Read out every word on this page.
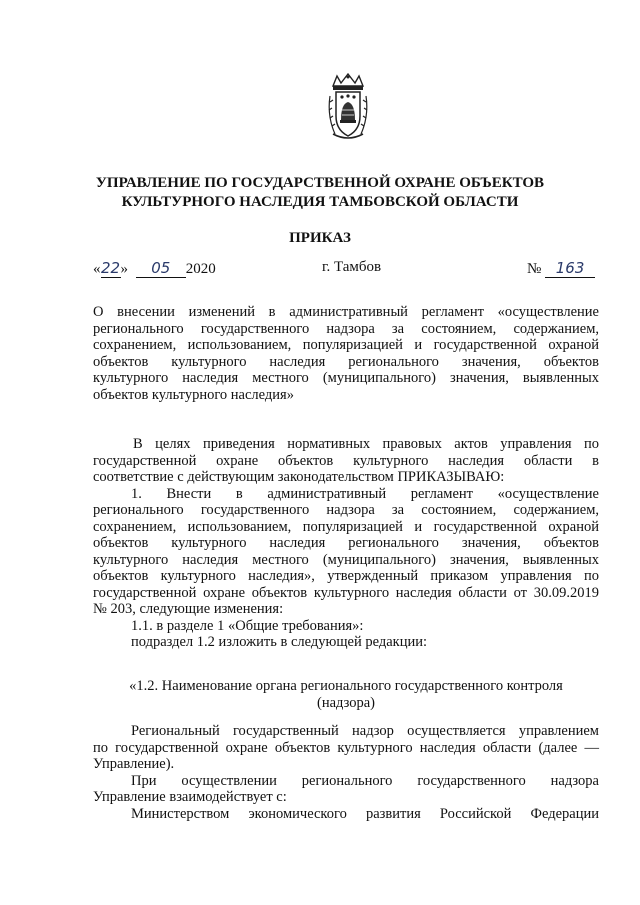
УПРАВЛЕНИЕ ПО ГОСУДАРСТВЕННОЙ ОХРАНЕ ОБЪЕКТОВ
КУЛЬТУРНОГО НАСЛЕДИЯ ТАМБОВСКОЙ ОБЛАСТИ
ПРИКАЗ
«22» 05 2020	г. Тамбов	№ 163
О внесении изменений в административный регламент «осуществление
регионального государственного надзора за состоянием, содержанием,
сохранением, использованием, популяризацией и государственной охраной
объектов культурного наследия регионального значения, объектов
культурного наследия местного (муниципального) значения, выявленных
объектов культурного наследия»
В целях приведения нормативных правовых актов управления по
государственной охране объектов культурного наследия области в
соответствие с действующим законодательством ПРИКАЗЫВАЮ:
1. Внести в административный регламент «осуществление
регионального государственного надзора за состоянием, содержанием,
сохранением, использованием, популяризацией и государственной охраной
объектов культурного наследия регионального значения, объектов
культурного наследия местного (муниципального) значения, выявленных
объектов культурного наследия», утвержденный приказом управления по
государственной охране объектов культурного наследия области от 30.09.2019
№ 203, следующие изменения:
1.1. в разделе 1 «Общие требования»:
подраздел 1.2 изложить в следующей редакции:
«1.2. Наименование органа регионального государственного контроля
(надзора)
Региональный государственный надзор осуществляется управлением
по государственной охране объектов культурного наследия области (далее —
Управление).
При осуществлении регионального государственного надзора
Управление взаимодействует с:
Министерством экономического развития Российской Федерации
